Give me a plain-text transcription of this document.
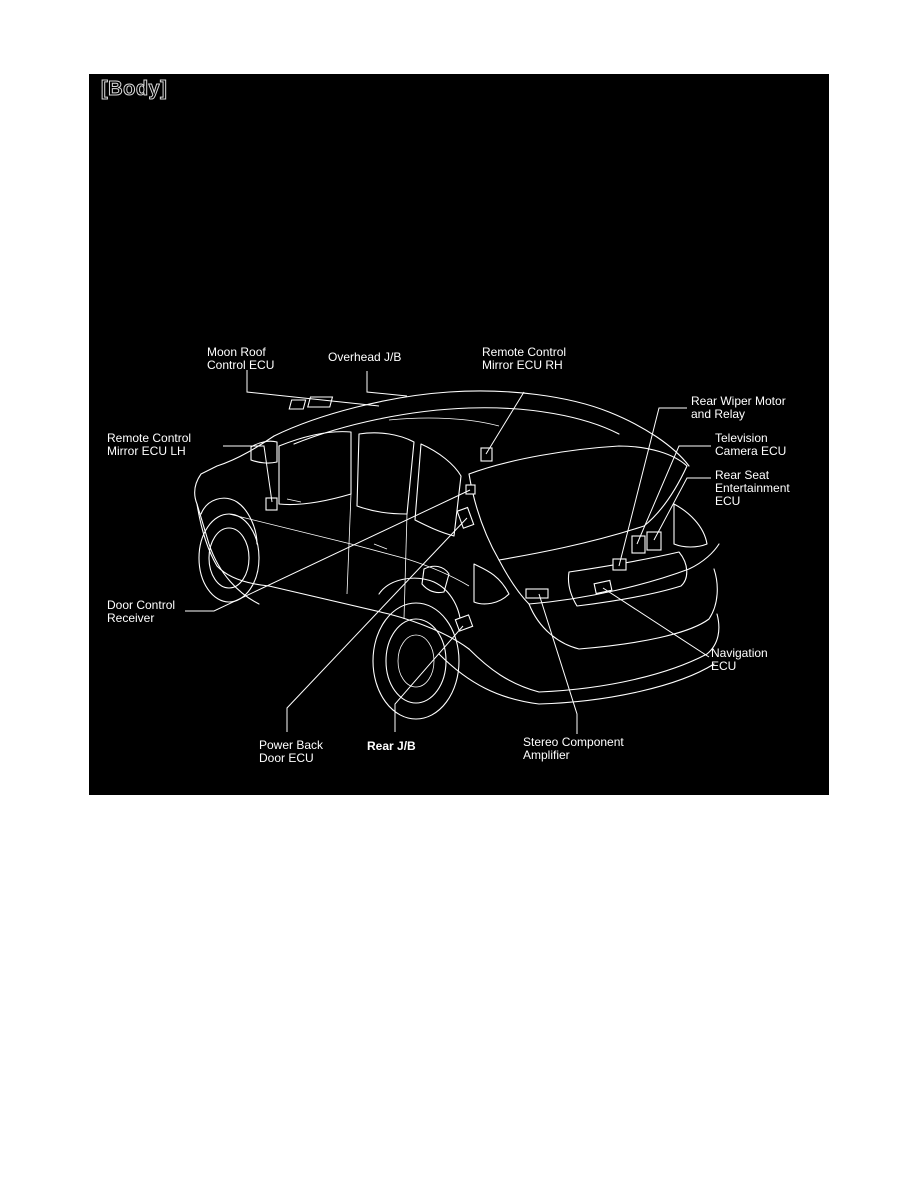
[Body]
Moon Roof
Control ECU
Overhead J/B	Remote Control
Mirror ECU RH
Rear Wiper Motor
and Relay
Remote Control
Mirror ECU LH
Television
Camera ECU
Rear Seat
Entertainment
ECU
Door Control
Receiver
Navigation
ECU
Power Back
Door ECU
Rear J/B	Stereo Component
Amplifier
